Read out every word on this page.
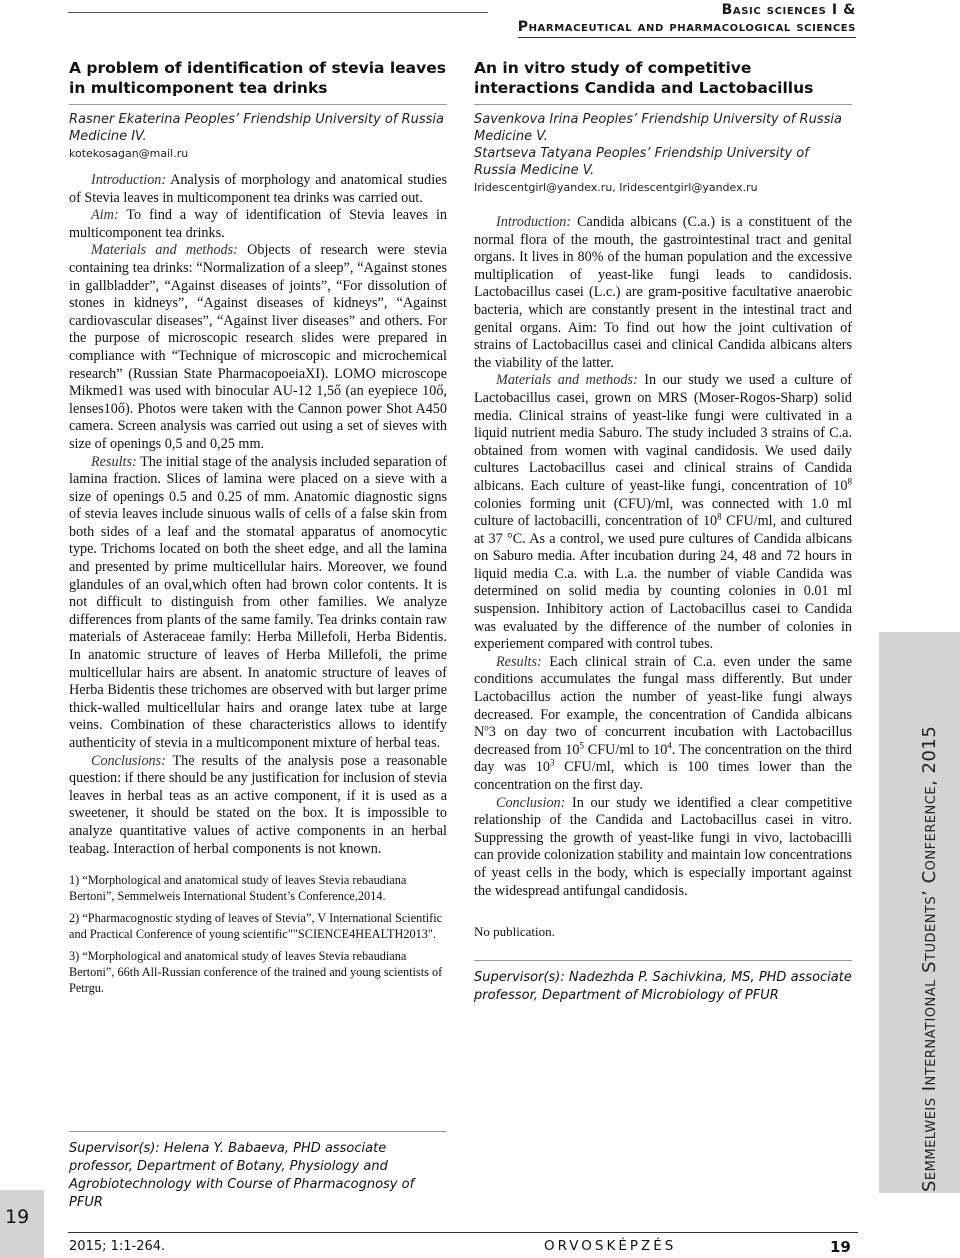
Basic sciences I &
Pharmaceutical and pharmacological sciences
A problem of identification of stevia leaves in multicomponent tea drinks
Rasner Ekaterina Peoples’ Friendship University of Russia Medicine IV.
kotekosagan@mail.ru

Introduction: Analysis of morphology and anatomical studies of Stevia leaves in multicomponent tea drinks was carried out.

Aim: To find a way of identification of Stevia leaves in multicomponent tea drinks.

Materials and methods: Objects of research were stevia containing tea drinks: “Normalization of a sleep”, “Against stones in gallbladder”, “Against diseases of joints”, “For dissolution of stones in kidneys”, “Against diseases of kidneys”, “Against cardiovascular diseases”, “Against liver diseases” and others. For the purpose of microscopic research slides were prepared in compliance with “Technique of microscopic and microchemical research” (Russian State PharmacopoeiaXI). LOMO microscope Mikmed1 was used with binocular AU-12 1,5ő (an eyepiece 10ő, lenses10ő). Photos were taken with the Cannon power Shot A450 camera. Screen analysis was carried out using a set of sieves with size of openings 0,5 and 0,25 mm.

Results: The initial stage of the analysis included separation of lamina fraction. Slices of lamina were placed on a sieve with a size of openings 0.5 and 0.25 of mm. Anatomic diagnostic signs of stevia leaves include sinuous walls of cells of a false skin from both sides of a leaf and the stomatal apparatus of anomocytic type. Trichoms located on both the sheet edge, and all the lamina and presented by prime multicellular hairs. Moreover, we found glandules of an oval,which often had brown color contents. It is not difficult to distinguish from other families. We analyze differences from plants of the same family. Tea drinks contain raw materials of Asteraceae family: Herba Millefoli, Herba Bidentis. In anatomic structure of leaves of Herba Millefoli, the prime multicellular hairs are absent. In anatomic structure of leaves of Herba Bidentis these trichomes are observed with but larger prime thick-walled multicellular hairs and orange latex tube at large veins. Combination of these characteristics allows to identify authenticity of stevia in a multicomponent mixture of herbal teas.

Conclusions: The results of the analysis pose a reasonable question: if there should be any justification for inclusion of stevia leaves in herbal teas as an active component, if it is used as a sweetener, it should be stated on the box. It is impossible to analyze quantitative values of active components in an herbal teabag. Interaction of herbal components is not known.

1) “Morphological and anatomical study of leaves Stevia rebaudiana Bertoni”, Semmelweis International Student’s Conference,2014.

2) “Pharmacognostic styding of leaves of Stevia”, V International Scientific and Practical Conference of young scientific""SCIENCE4HEALTH2013".

3) “Morphological and anatomical study of leaves Stevia rebaudiana Bertoni”, 66th All-Russian conference of the trained and young scientists of Petrgu.

Supervisor(s): Helena Y. Babaeva, PHD associate professor, Department of Botany, Physiology and Agrobiotechnology with Course of Pharmacognosy of PFUR
An in vitro study of competitive interactions Candida and Lactobacillus
Savenkova Irina Peoples’ Friendship University of Russia Medicine V.
Startseva Tatyana Peoples’ Friendship University of Russia Medicine V.
Iridescentgirl@yandex.ru, Iridescentgirl@yandex.ru

Introduction: Candida albicans (C.a.) is a constituent of the normal flora of the mouth, the gastrointestinal tract and genital organs. It lives in 80% of the human population and the excessive multiplication of yeast-like fungi leads to candidosis. Lactobacillus casei (L.c.) are gram-positive facultative anaerobic bacteria, which are constantly present in the intestinal tract and genital organs. Aim: To find out how the joint cultivation of strains of Lactobacillus casei and clinical Candida albicans alters the viability of the latter.

Materials and methods: In our study we used a culture of Lactobacillus casei, grown on MRS (Moser-Rogos-Sharp) solid media. Clinical strains of yeast-like fungi were cultivated in a liquid nutrient media Saburo. The study included 3 strains of C.a. obtained from women with vaginal candidosis. We used daily cultures Lactobacillus casei and clinical strains of Candida albicans. Each culture of yeast-like fungi, concentration of $10^8$ colonies forming unit (CFU)/ml, was connected with 1.0 ml culture of lactobacilli, concentration of $10^8$ CFU/ml, and cultured at 37 °C. As a control, we used pure cultures of Candida albicans on Saburo media. After incubation during 24, 48 and 72 hours in liquid media C.a. with L.a. the number of viable Candida was determined on solid media by counting colonies in 0.01 ml suspension. Inhibitory action of Lactobacillus casei to Candida was evaluated by the difference of the number of colonies in experiement compared with control tubes.

Results: Each clinical strain of C.a. even under the same conditions accumulates the fungal mass differently. But under Lactobacillus action the number of yeast-like fungi always decreased. For example, the concentration of Candida albicans $N^o3$ on day two of concurrent incubation with Lactobacillus decreased from $10^5$ CFU/ml to $10^4$. The concentration on the third day was $10^3$ CFU/ml, which is 100 times lower than the concentration on the first day.

Conclusion: In our study we identified a clear competitive relationship of the Candida and Lactobacillus casei in vitro. Suppressing the growth of yeast-like fungi in vivo, lactobacilli can provide colonization stability and maintain low concentrations of yeast cells in the body, which is especially important against the widespread antifungal candidosis.

No publication.
Supervisor(s): Nadezhda P. Sachivkina, MS, PHD associate professor, Department of Microbiology of PFUR	Semmelweis International Students’ Conference, 2015
19
2015; 1:1-264.	ORVOSKÉPZÉS	19
